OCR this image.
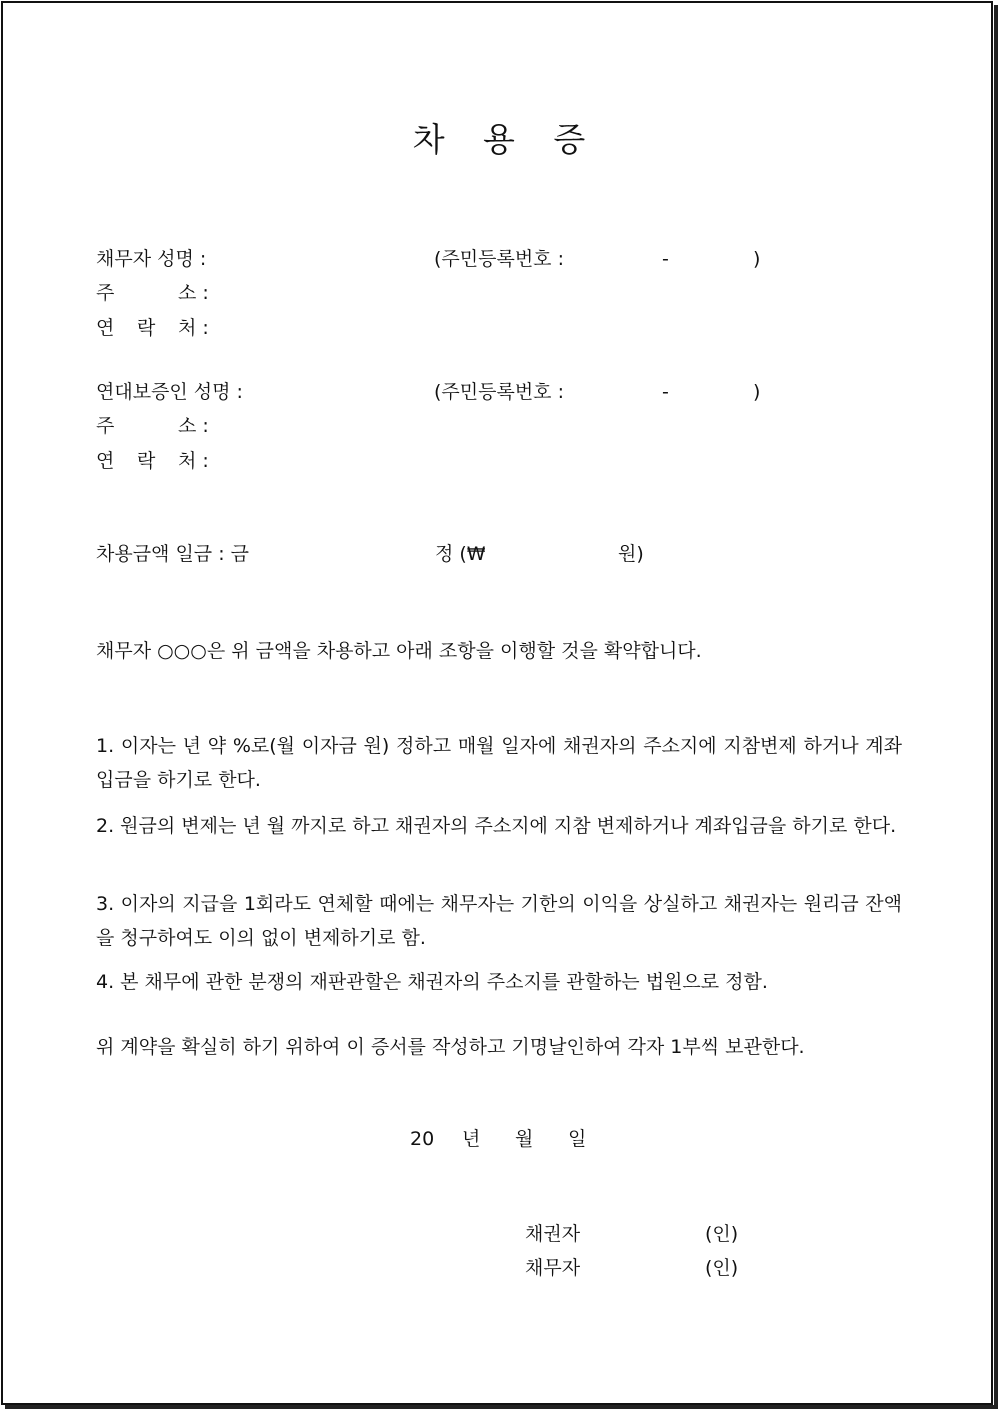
차 용 증
채무자 성명 :	(주민등록번호 :	-	)
주	소 :
연 락 처 :
연대보증인 성명 :	(주민등록번호 :	-	)
주	소 :
연 락 처 :
차용금액 일금 : 금	정 (₩	원)
채무자 ○○○은 위 금액을 차용하고 아래 조항을 이행할 것을 확약합니다.
1. 이자는 년 약 %로(월 이자금 원) 정하고 매월 일자에 채권자의 주소지에 지참변제 하거나 계좌입금을 하기로 한다.
2. 원금의 변제는 년 월 까지로 하고 채권자의 주소지에 지참 변제하거나 계좌입금을 하기로 한다.
3. 이자의 지급을 1회라도 연체할 때에는 채무자는 기한의 이익을 상실하고 채권자는 원리금 잔액을 청구하여도 이의 없이 변제하기로 함.
4. 본 채무에 관한 분쟁의 재판관할은 채권자의 주소지를 관할하는 법원으로 정함.
위 계약을 확실히 하기 위하여 이 증서를 작성하고 기명날인하여 각자 1부씩 보관한다.
20 년 월 일
채권자	(인)
채무자	(인)
